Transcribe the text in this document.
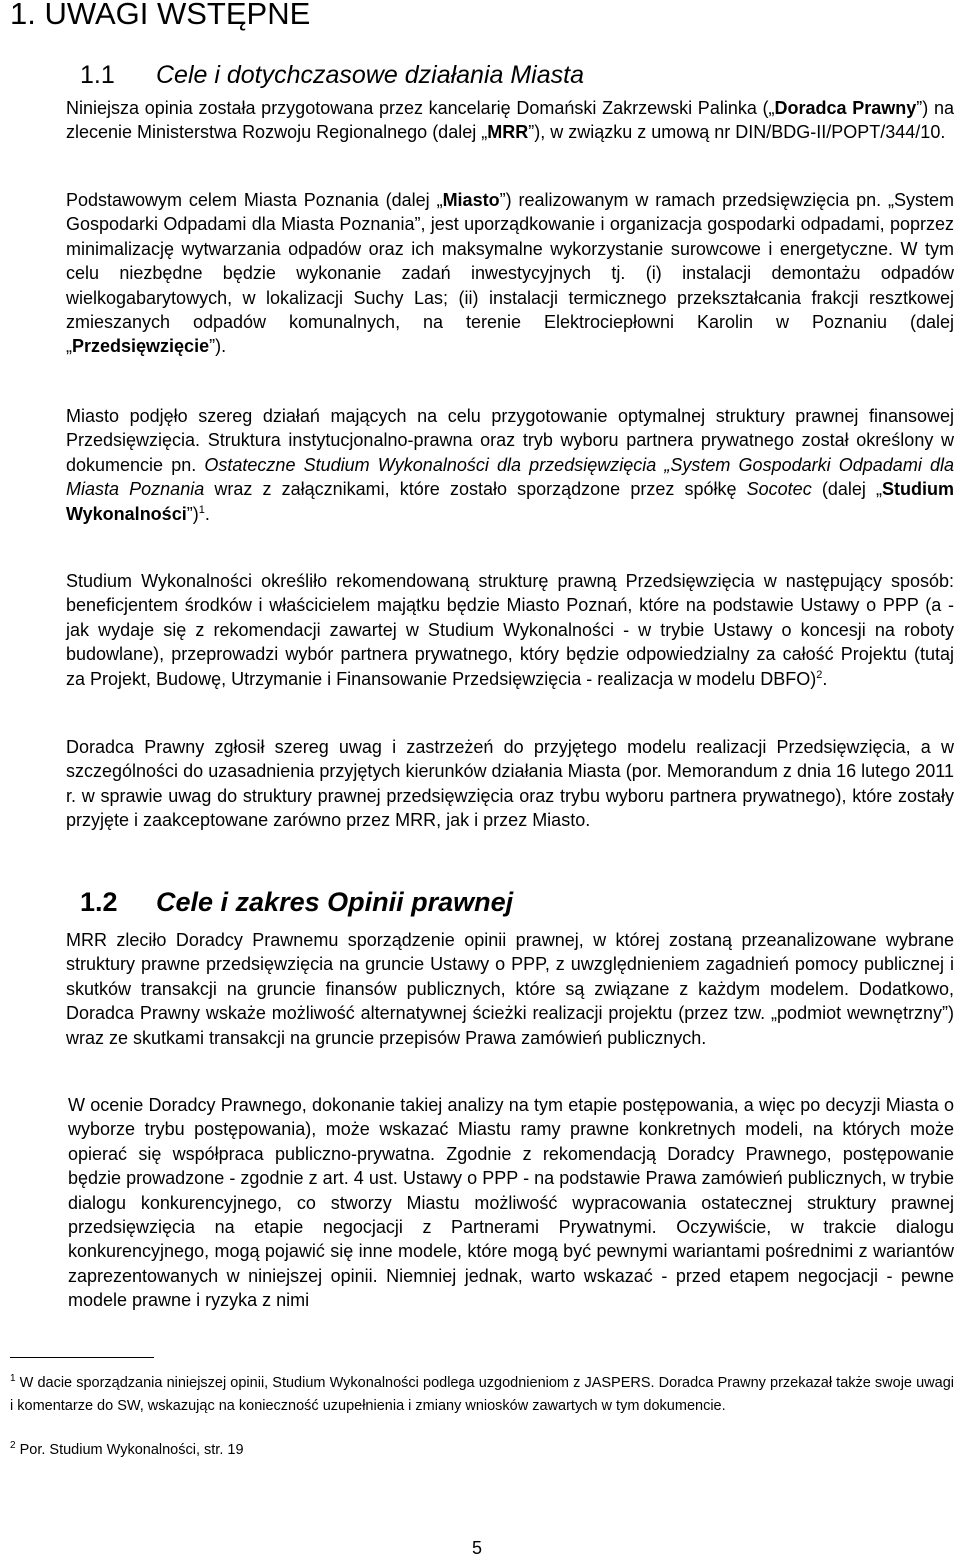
1. UWAGI WSTĘPNE
1.1 Cele i dotychczasowe działania Miasta

Niniejsza opinia została przygotowana przez kancelarię Domański Zakrzewski Palinka („Doradca Prawny”) na zlecenie Ministerstwa Rozwoju Regionalnego (dalej „MRR”), w związku z umową nr DIN/BDG-II/POPT/344/10.

Podstawowym celem Miasta Poznania (dalej „Miasto”) realizowanym w ramach przedsięwzięcia pn. „System Gospodarki Odpadami dla Miasta Poznania”, jest uporządkowanie i organizacja gospodarki odpadami, poprzez minimalizację wytwarzania odpadów oraz ich maksymalne wykorzystanie surowcowe i energetyczne. W tym celu niezbędne będzie wykonanie zadań inwestycyjnych tj. (i) instalacji demontażu odpadów wielkogabarytowych, w lokalizacji Suchy Las; (ii) instalacji termicznego przekształcania frakcji resztkowej zmieszanych odpadów komunalnych, na terenie Elektrociepłowni Karolin w Poznaniu (dalej „Przedsięwzięcie”).

Miasto podjęło szereg działań mających na celu przygotowanie optymalnej struktury prawnej finansowej Przedsięwzięcia. Struktura instytucjonalno-prawna oraz tryb wyboru partnera prywatnego został określony w dokumencie pn. Ostateczne Studium Wykonalności dla przedsięwzięcia „System Gospodarki Odpadami dla Miasta Poznania wraz z załącznikami, które zostało sporządzone przez spółkę Socotec (dalej „Studium Wykonalności”)$^1$.

Studium Wykonalności określiło rekomendowaną strukturę prawną Przedsięwzięcia w następujący sposób: beneficjentem środków i właścicielem majątku będzie Miasto Poznań, które na podstawie Ustawy o PPP (a - jak wydaje się z rekomendacji zawartej w Studium Wykonalności - w trybie Ustawy o koncesji na roboty budowlane), przeprowadzi wybór partnera prywatnego, który będzie odpowiedzialny za całość Projektu (tutaj za Projekt, Budowę, Utrzymanie i Finansowanie Przedsięwzięcia - realizacja w modelu DBFO)$^2$.

Doradca Prawny zgłosił szereg uwag i zastrzeżeń do przyjętego modelu realizacji Przedsięwzięcia, a w szczególności do uzasadnienia przyjętych kierunków działania Miasta (por. Memorandum z dnia 16 lutego 2011 r. w sprawie uwag do struktury prawnej przedsięwzięcia oraz trybu wyboru partnera prywatnego), które zostały przyjęte i zaakceptowane zarówno przez MRR, jak i przez Miasto.

1.2 Cele i zakres Opinii prawnej

MRR zleciło Doradcy Prawnemu sporządzenie opinii prawnej, w której zostaną przeanalizowane wybrane struktury prawne przedsięwzięcia na gruncie Ustawy o PPP, z uwzględnieniem zagadnień pomocy publicznej i skutków transakcji na gruncie finansów publicznych, które są związane z każdym modelem. Dodatkowo, Doradca Prawny wskaże możliwość alternatywnej ścieżki realizacji projektu (przez tzw. „podmiot wewnętrzny”) wraz ze skutkami transakcji na gruncie przepisów Prawa zamówień publicznych.

W ocenie Doradcy Prawnego, dokonanie takiej analizy na tym etapie postępowania, a więc po decyzji Miasta o wyborze trybu postępowania), może wskazać Miastu ramy prawne konkretnych modeli, na których może opierać się współpraca publiczno-prywatna. Zgodnie z rekomendacją Doradcy Prawnego, postępowanie będzie prowadzone - zgodnie z art. 4 ust. Ustawy o PPP - na podstawie Prawa zamówień publicznych, w trybie dialogu konkurencyjnego, co stworzy Miastu możliwość wypracowania ostatecznej struktury prawnej przedsięwzięcia na etapie negocjacji z Partnerami Prywatnymi. Oczywiście, w trakcie dialogu konkurencyjnego, mogą pojawić się inne modele, które mogą być pewnymi wariantami pośrednimi z wariantów zaprezentowanych w niniejszej opinii. Niemniej jednak, warto wskazać - przed etapem negocjacji - pewne modele prawne i ryzyka z nimi

$^1$ W dacie sporządzania niniejszej opinii, Studium Wykonalności podlega uzgodnieniom z JASPERS. Doradca Prawny przekazał także swoje uwagi i komentarze do SW, wskazując na konieczność uzupełnienia i zmiany wniosków zawartych w tym dokumencie.

$^2$ Por. Studium Wykonalności, str. 19

5
